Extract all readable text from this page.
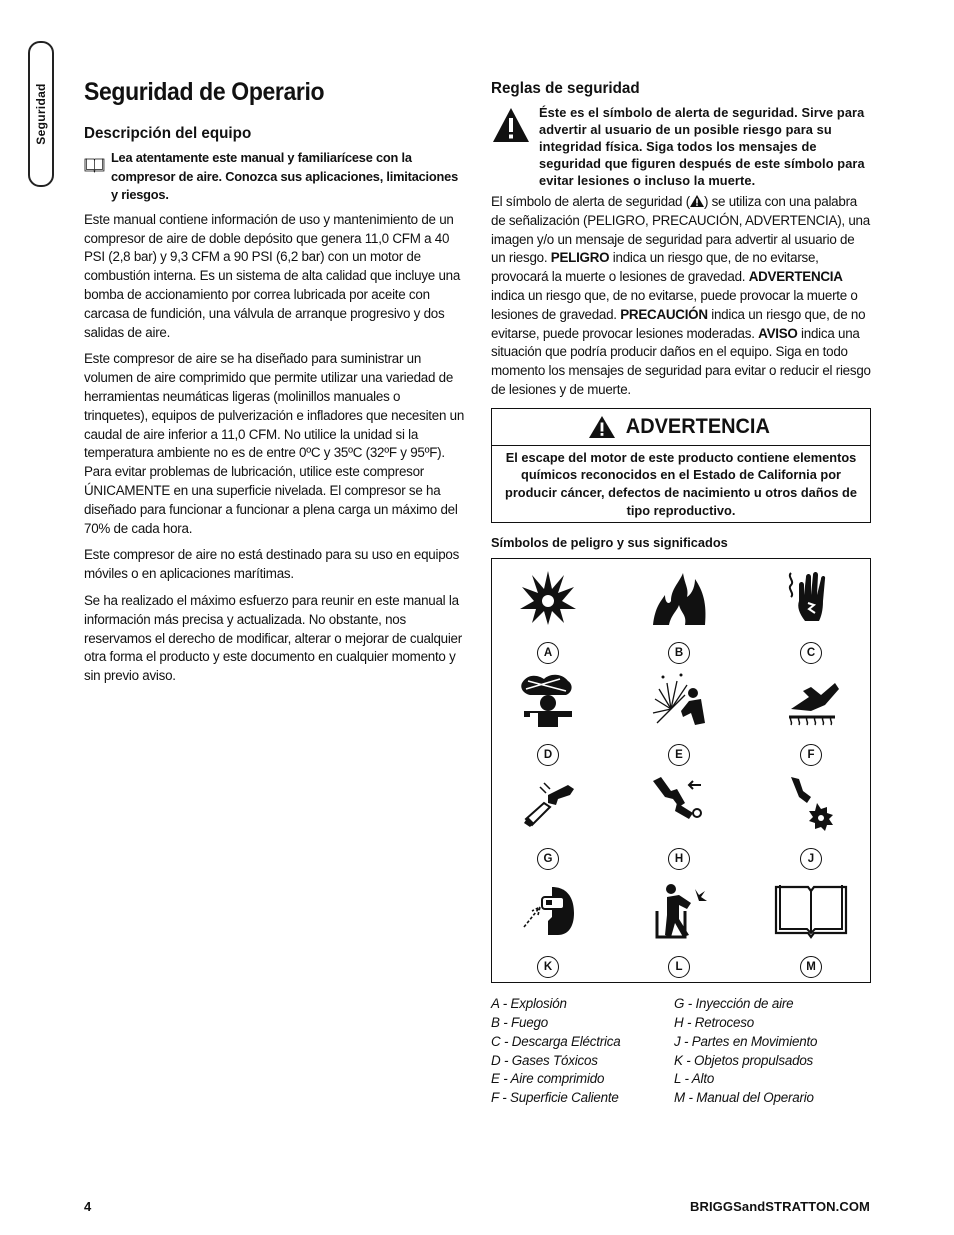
Seguridad Seguridad de Operario
Descripción del equipo
Lea atentamente este manual y familiarícese con la compresor de aire. Conozca sus aplicaciones, limitaciones y riesgos.

Este manual contiene información de uso y mantenimiento de un compresor de aire de doble depósito que genera 11,0 CFM a 40 PSI (2,8 bar) y 9,3 CFM a 90 PSI (6,2 bar) con un motor de combustión interna. Es un sistema de alta calidad que incluye una bomba de accionamiento por correa lubricada por aceite con carcasa de fundición, una válvula de arranque progresivo y dos salidas de aire.

Este compresor de aire se ha diseñado para suministrar un volumen de aire comprimido que permite utilizar una variedad de herramientas neumáticas ligeras (molinillos manuales o trinquetes), equipos de pulverización e infladores que necesiten un caudal de aire inferior a 11,0 CFM. No utilice la unidad si la temperatura ambiente no es de entre 0ºC y 35ºC (32ºF y 95ºF). Para evitar problemas de lubricación, utilice este compresor ÚNICAMENTE en una superficie nivelada. El compresor se ha diseñado para funcionar a funcionar a plena carga un máximo del 70% de cada hora.

Este compresor de aire no está destinado para su uso en equipos móviles o en aplicaciones marítimas.

Se ha realizado el máximo esfuerzo para reunir en este manual la información más precisa y actualizada. No obstante, nos reservamos el derecho de modificar, alterar o mejorar de cualquier otra forma el producto y este documento en cualquier momento y sin previo aviso.

Reglas de seguridad
Éste es el símbolo de alerta de seguridad. Sirve para advertir al usuario de un posible riesgo para su integridad física. Siga todos los mensajes de seguridad que figuren después de este símbolo para evitar lesiones o incluso la muerte.

El símbolo de alerta de seguridad ( ) se utiliza con una palabra de señalización (PELIGRO, PRECAUCIÓN, ADVERTENCIA), una imagen y/o un mensaje de seguridad para advertir al usuario de un riesgo. PELIGRO indica un riesgo que, de no evitarse, provocará la muerte o lesiones de gravedad. ADVERTENCIA indica un riesgo que, de no evitarse, puede provocar la muerte o lesiones de gravedad. PRECAUCIÓN indica un riesgo que, de no evitarse, puede provocar lesiones moderadas. AVISO indica una situación que podría producir daños en el equipo. Siga en todo momento los mensajes de seguridad para evitar o reducir el riesgo de lesiones y de muerte.

ADVERTENCIA
El escape del motor de este producto contiene elementos químicos reconocidos en el Estado de California por producir cáncer, defectos de nacimiento u otros daños de tipo reproductivo.
Símbolos de peligro y sus significados
A	B	C
D	E	F
G	H	J
K	L	M
A - Explosión
B - Fuego
C - Descarga Eléctrica
D - Gases Tóxicos
E - Aire comprimido
F - Superficie Caliente
G - Inyección de aire
H - Retroceso
J - Partes en Movimiento
K - Objetos propulsados
L - Alto
M - Manual del Operario
4	BRIGGSandSTRATTON.COM
